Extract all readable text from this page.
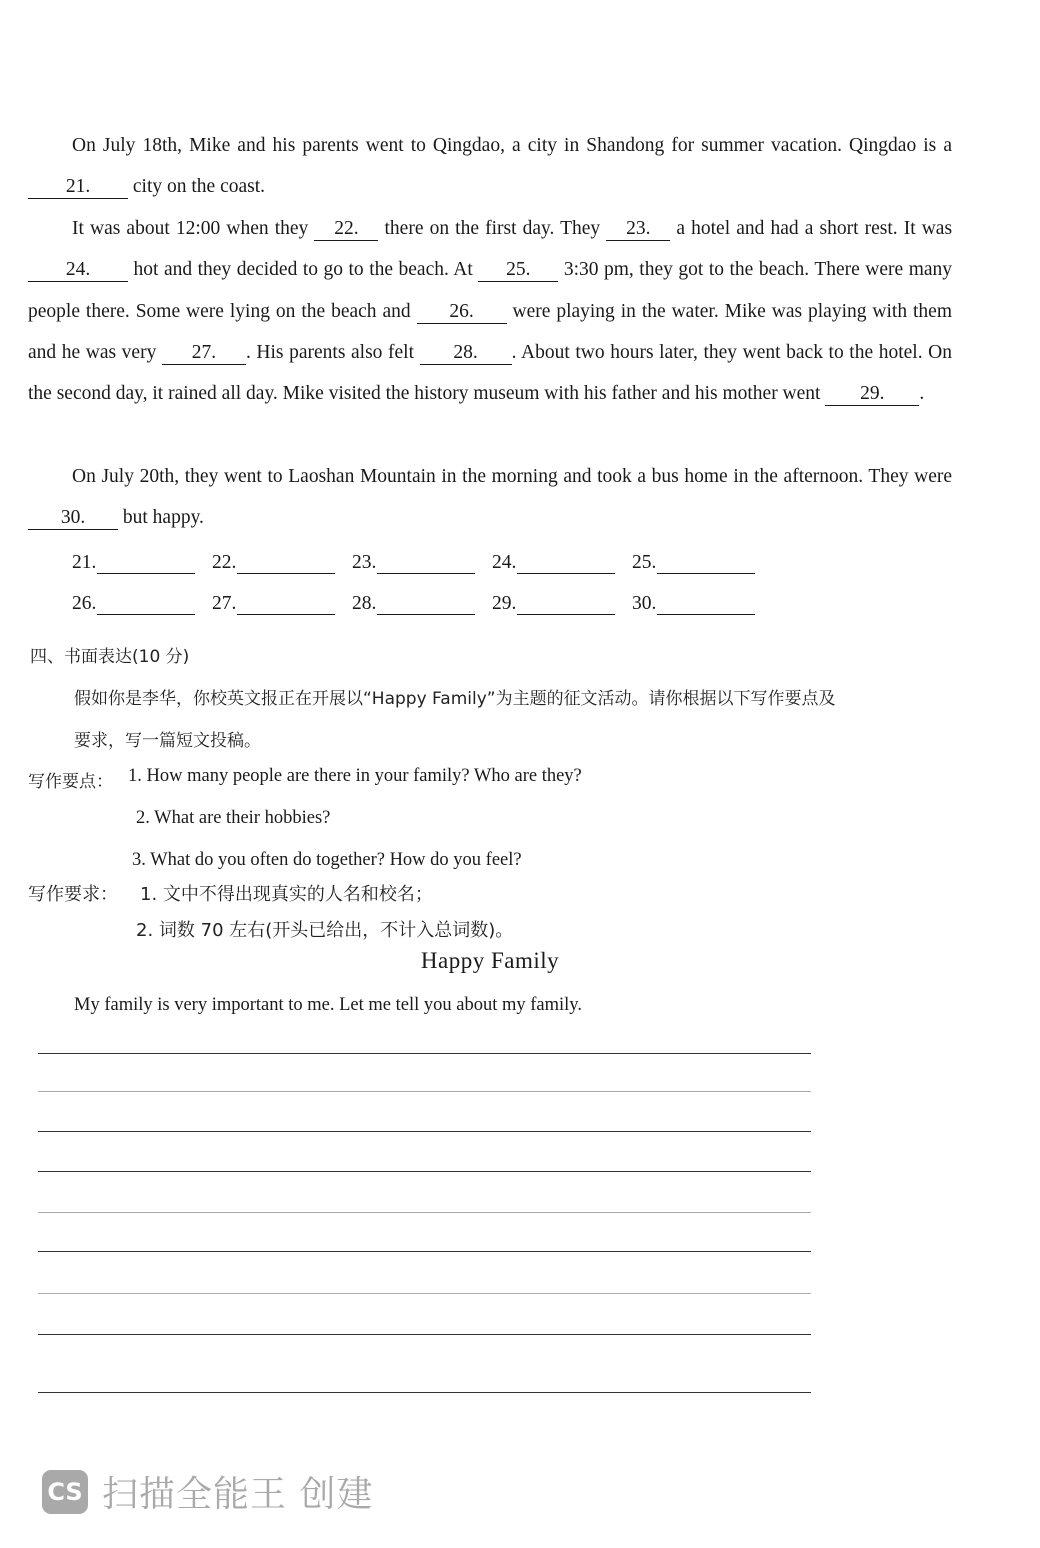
On July 18th, Mike and his parents went to Qingdao, a city in Shandong for summer vacation. Qingdao is a 21. city on the coast.
It was about 12:00 when they 22. there on the first day. They 23. a hotel and had a short rest. It was 24. hot and they decided to go to the beach. At 25. 3:30 pm, they got to the beach. There were many people there. Some were lying on the beach and 26. were playing in the water. Mike was playing with them and he was very 27. . His parents also felt 28. . About two hours later, they went back to the hotel. On the second day, it rained all day. Mike visited the history museum with his father and his mother went 29. .
On July 20th, they went to Laoshan Mountain in the morning and took a bus home in the afternoon. They were 30. but happy.
21.	22.	23.	24.	25.
26.	27.	28.	29.	30.
四、书面表达(10 分)
假如你是李华，你校英文报正在开展以“Happy Family”为主题的征文活动。请你根据以下写作要点及
要求，写一篇短文投稿。
写作要点： 1. How many people are there in your family? Who are they?
2. What are their hobbies?
3. What do you often do together? How do you feel?
写作要求： 1. 文中不得出现真实的人名和校名；
2. 词数 70 左右(开头已给出，不计入总词数)。
Happy Family
My family is very important to me. Let me tell you about my family.
CS 扫描全能王 创建
